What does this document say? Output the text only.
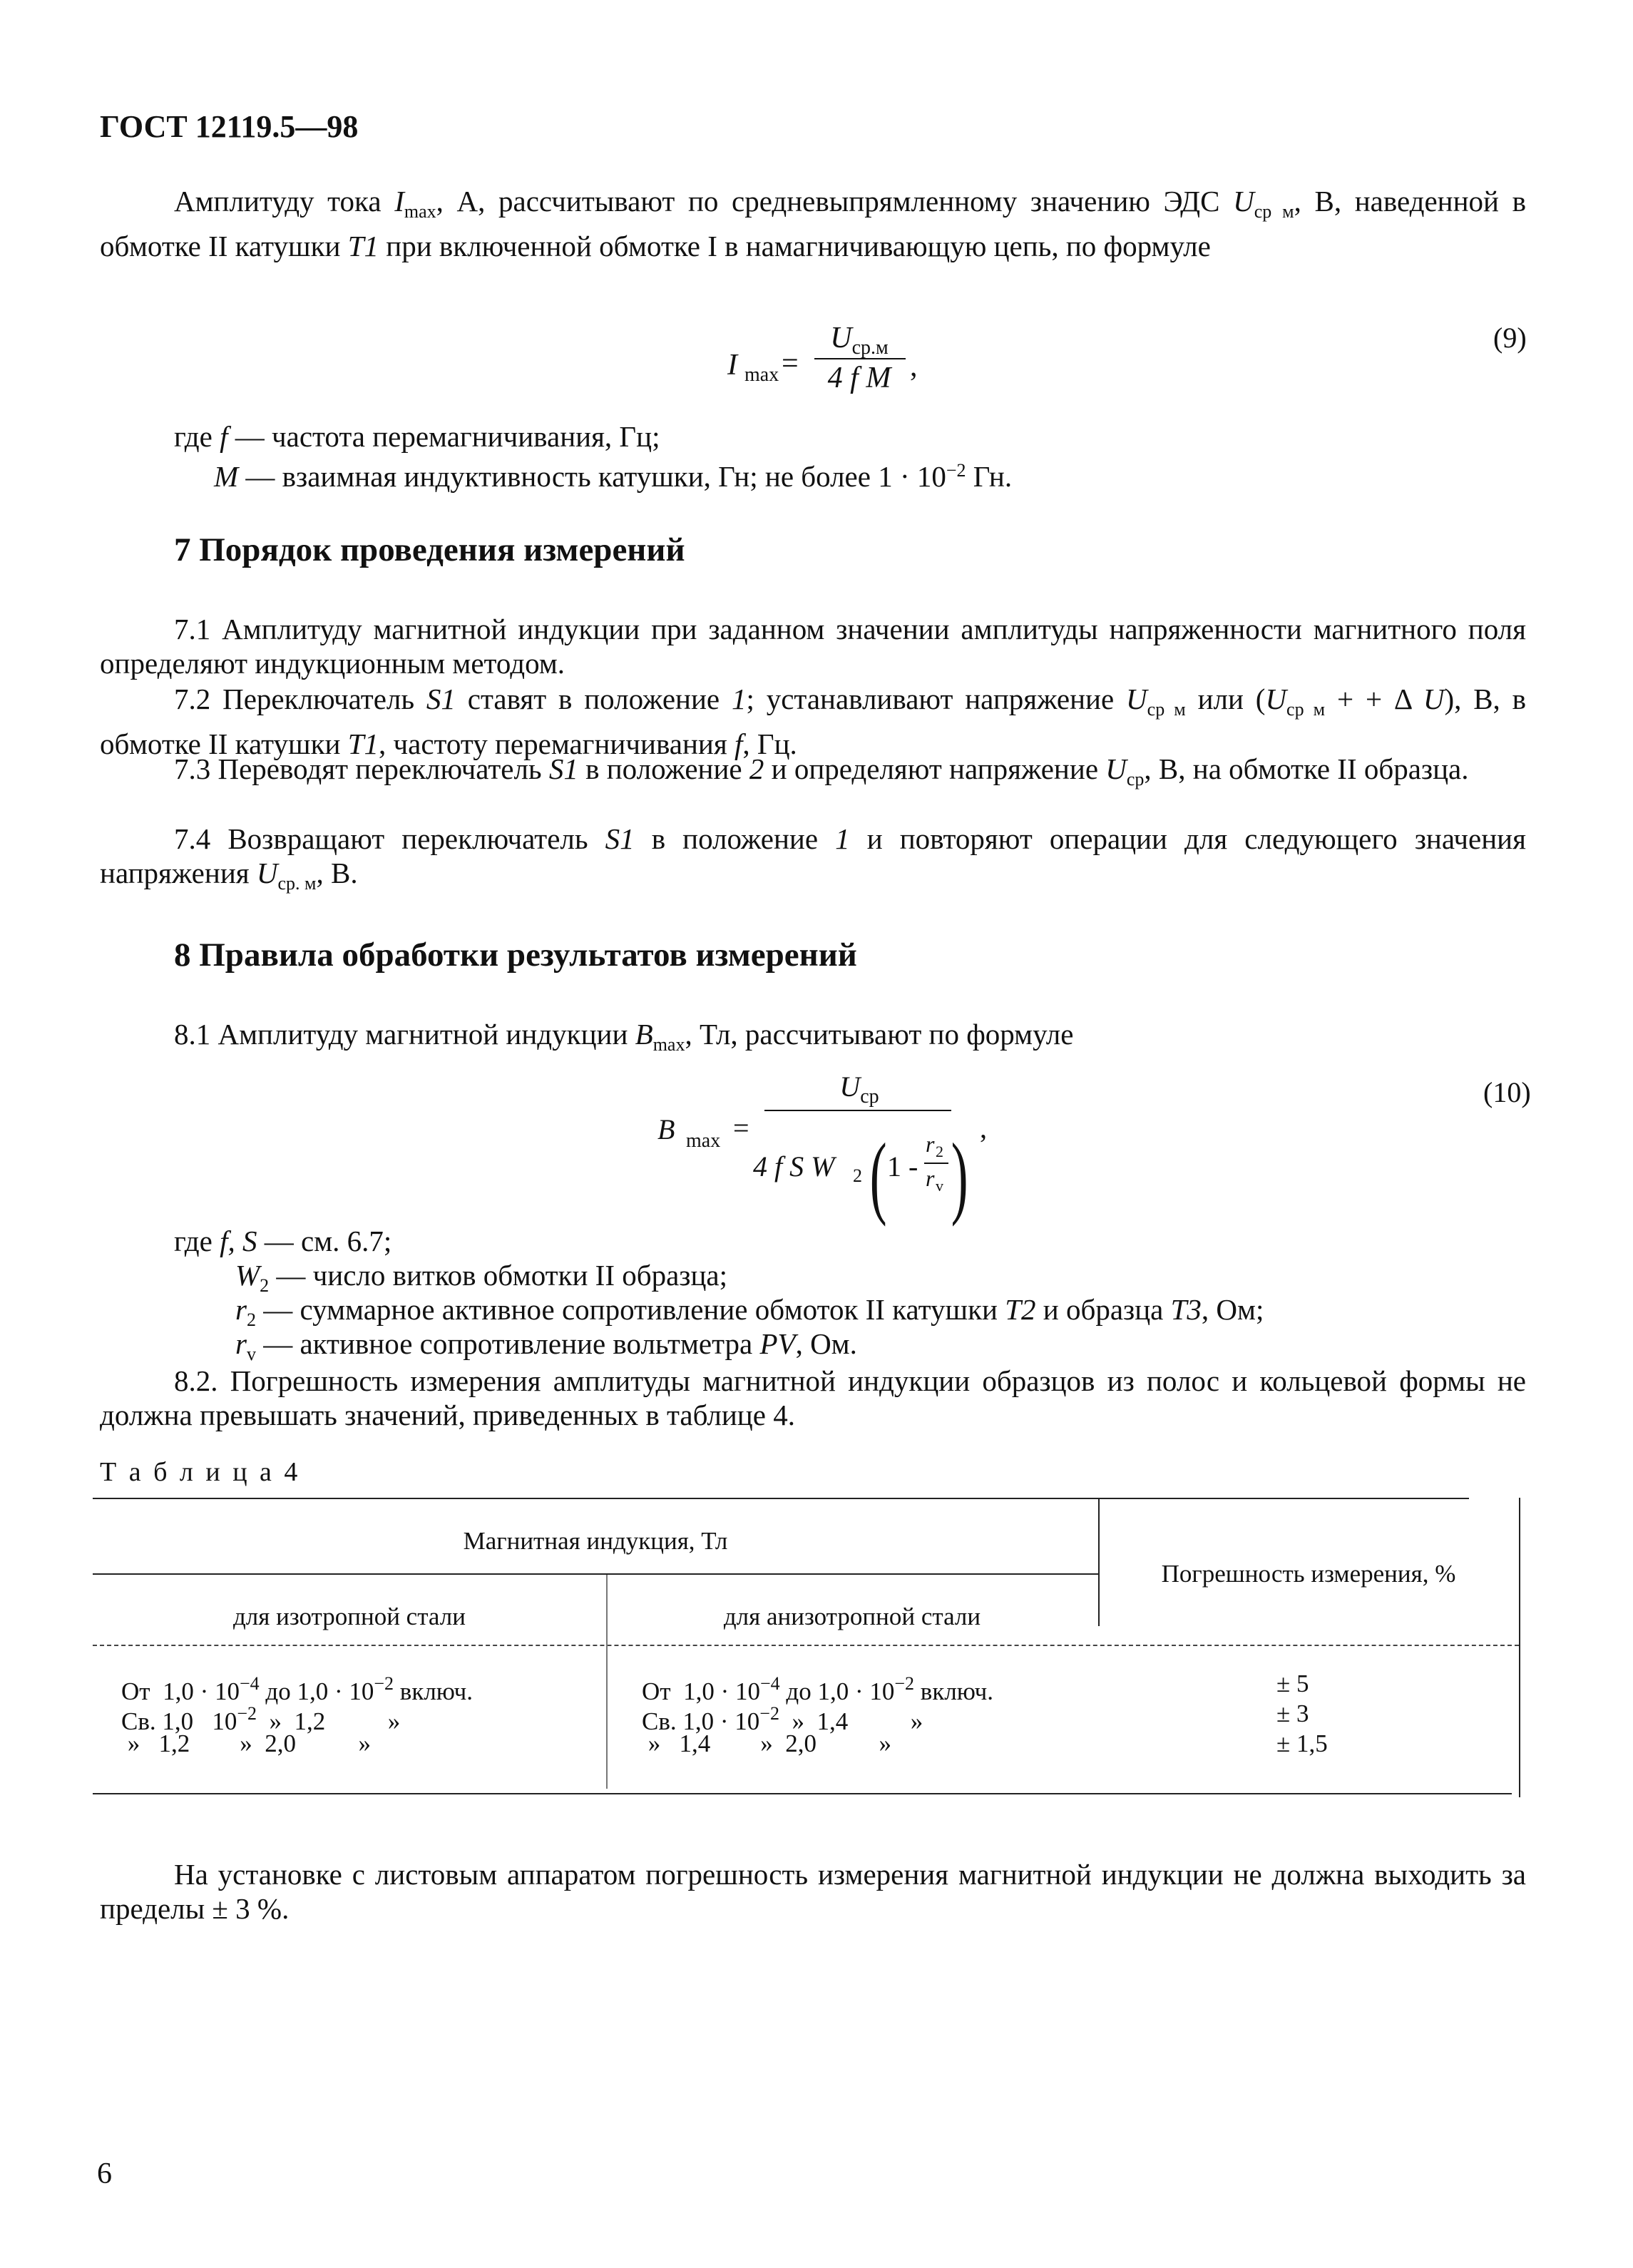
ГОСТ 12119.5—98

Амплитуду тока $I_{max}$, А, рассчитывают по средневыпрямленному значению ЭДС $U_{ср м}$, В, наведенной в обмотке II катушки T1 при включенной обмотке I в намагничивающую цепь, по формуле

I max =
$U_{ср.м}$
4 f M ,
(9)

где f — частота перемагничивания, Гц;

M — взаимная индуктивность катушки, Гн; не более $1 \cdot 10^{-2}$ Гн.

7 Порядок проведения измерений

7.1 Амплитуду магнитной индукции при заданном значении амплитуды напряженности магнитного поля определяют индукционным методом.

7.2 Переключатель S1 ставят в положение 1; устанавливают напряжение $U_{ср м}$ или ($U_{ср м}$ + + Δ U), В, в обмотке II катушки T1, частоту перемагничивания f, Гц.

7.3 Переводят переключатель S1 в положение 2 и определяют напряжение $U_{ср}$, В, на обмотке II образца.

7.4 Возвращают переключатель S1 в положение 1 и повторяют операции для следующего значения напряжения $U_{ср. м}$, В.

8 Правила обработки результатов измерений

8.1 Амплитуду магнитной индукции $B_{max}$, Тл, рассчитывают по формуле

B max =
$U_{ср}$
4 f S W 2 ( 1 -
r 2
r v ) ,
(10)

где f, S — см. 6.7;

$W_2$ — число витков обмотки II образца;

$r_2$ — суммарное активное сопротивление обмоток II катушки T2 и образца T3, Ом;

$r_v$ — активное сопротивление вольтметра PV, Ом.

8.2. Погрешность измерения амплитуды магнитной индукции образцов из полос и кольцевой формы не должна превышать значений, приведенных в таблице 4.

Т а б л и ц а 4
Магнитная индукция, Тл
для изотропной стали	для анизотропной стали
Погрешность измерения, %
От  $1,0 \cdot 10^{-4}$ до $1,0 \cdot 10^{-2}$ включ.
Св. 1,0   $10^{-2}$  »  1,2          »
»   1,2        »  2,0          »
От  $1,0 \cdot 10^{-4}$ до $1,0 \cdot 10^{-2}$ включ.
Св. $1,0 \cdot 10^{-2}$  »  1,4          »
»   1,4        »  2,0          »
± 5
± 3
± 1,5

На установке с листовым аппаратом погрешность измерения магнитной индукции не должна выходить за пределы ± 3 %.

6
